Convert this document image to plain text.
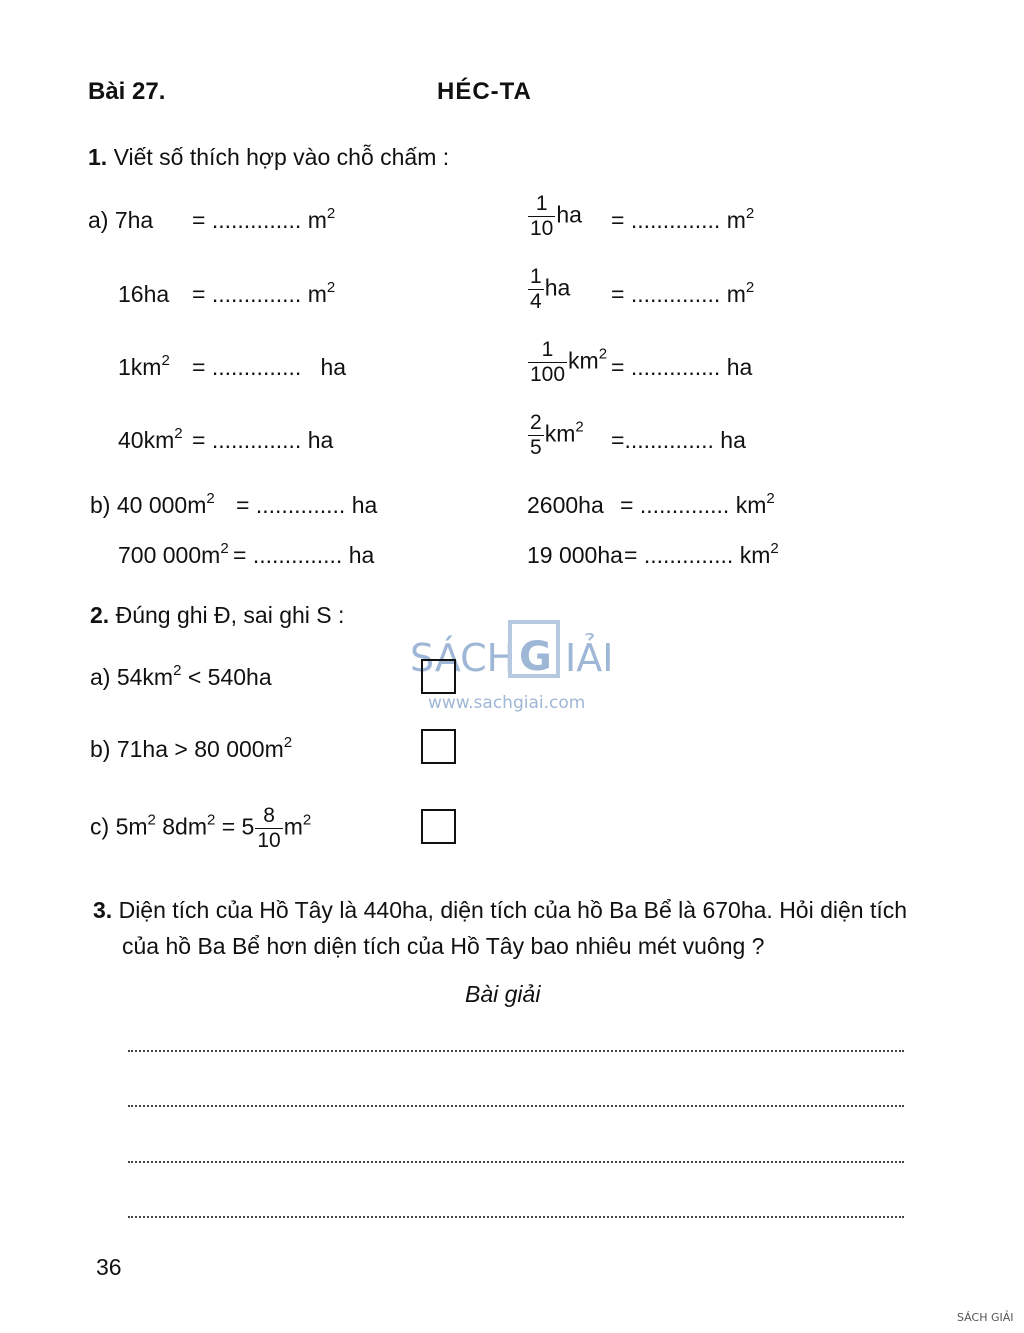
Bài 27.	HÉC-TA
1. Viết số thích hợp vào chỗ chấm :
a) 7ha = .............. $m^2$
16ha = .............. $m^2$
$1km^2$ = .............. ha
$40km^2$ = .............. ha
$\frac{1}{10}$ ha = .............. $m^2$
$\frac{1}{4}$ ha = .............. $m^2$
$\frac{1}{100} km^2$ = .............. ha
$\frac{2}{5} km^2$ =.............. ha
b) 40 $000m^2$ = .............. ha
700 $000m^2$ = .............. ha
2600ha = .............. $km^2$
19 000ha = .............. $km^2$
SÁCH G IẢI
www.sachgiai.com
2. Đúng ghi Đ, sai ghi S :
a) $54km^2 < 540ha$
b) 71ha > 80 $000m^2$
c) $5m^2$ $8dm^2 = 5 \frac{8}{10} m^2$
3. Diện tích của Hồ Tây là 440ha, diện tích của hồ Ba Bể là 670ha. Hỏi diện tích
của hồ Ba Bể hơn diện tích của Hồ Tây bao nhiêu mét vuông ?
Bài giải
36
SÁCH GIẢI
